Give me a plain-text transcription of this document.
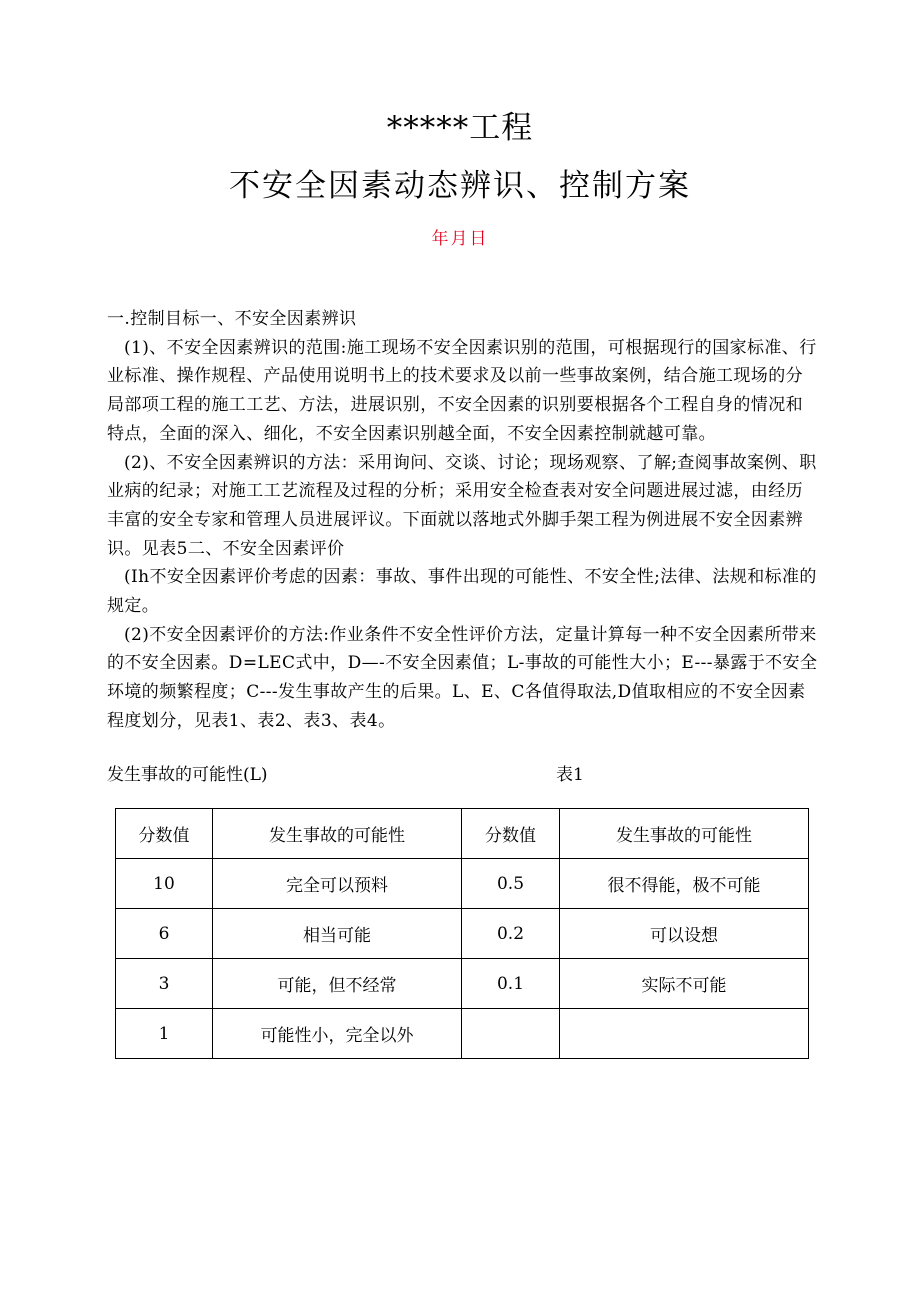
*****工程
不安全因素动态辨识、控制方案
年月日

一.控制目标一、不安全因素辨识

(1)、不安全因素辨识的范围:施工现场不安全因素识别的范围，可根据现行的国家标准、行业标准、操作规程、产品使用说明书上的技术要求及以前一些事故案例，结合施工现场的分局部项工程的施工工艺、方法，进展识别，不安全因素的识别要根据各个工程自身的情况和特点，全面的深入、细化，不安全因素识别越全面，不安全因素控制就越可靠。

(2)、不安全因素辨识的方法：采用询问、交谈、讨论；现场观察、了解;查阅事故案例、职业病的纪录；对施工工艺流程及过程的分析；采用安全检查表对安全问题进展过滤，由经历丰富的安全专家和管理人员进展评议。下面就以落地式外脚手架工程为例进展不安全因素辨识。见表5二、不安全因素评价

(Ih不安全因素评价考虑的因素：事故、事件出现的可能性、不安全性;法律、法规和标准的规定。

(2)不安全因素评价的方法:作业条件不安全性评价方法，定量计算每一种不安全因素所带来的不安全因素。D=LEC式中，D—-不安全因素值；L-事故的可能性大小；E---暴露于不安全环境的频繁程度；C---发生事故产生的后果。L、E、C各值得取法,D值取相应的不安全因素程度划分，见表1、表2、表3、表4。

发生事故的可能性(L)	表1
分数值	发生事故的可能性	分数值	发生事故的可能性
10	完全可以预料	0.5	很不得能，极不可能
6	相当可能	0.2	可以设想
3	可能，但不经常	0.1	实际不可能
1	可能性小，完全以外		
